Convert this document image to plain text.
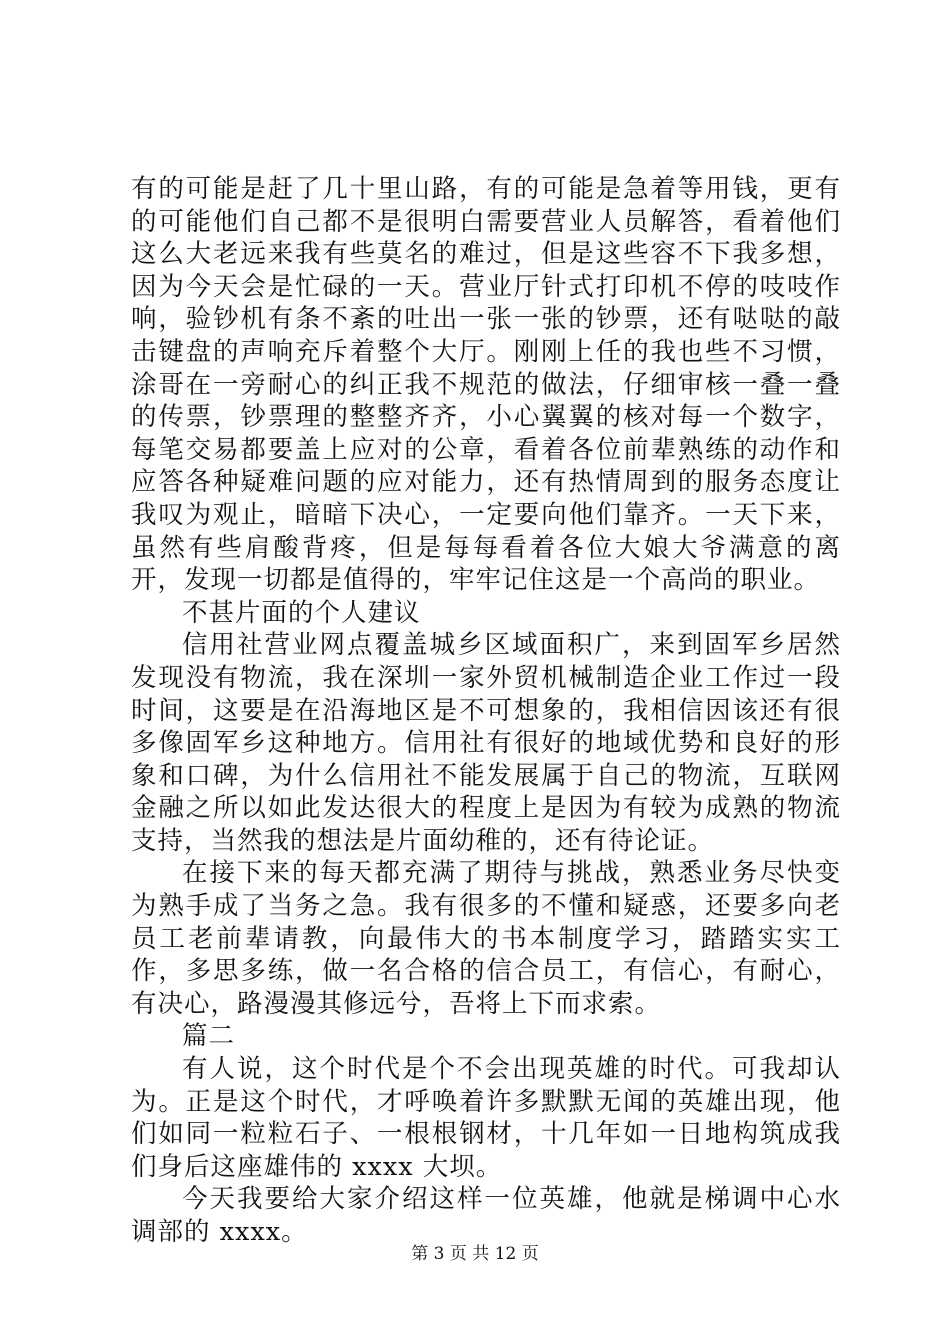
有的可能是赶了几十里山路，有的可能是急着等用钱，更有的可能他们自己都不是很明白需要营业人员解答，看着他们这么大老远来我有些莫名的难过，但是这些容不下我多想，因为今天会是忙碌的一天。营业厅针式打印机不停的吱吱作响，验钞机有条不紊的吐出一张一张的钞票，还有哒哒的敲击键盘的声响充斥着整个大厅。刚刚上任的我也些不习惯，涂哥在一旁耐心的纠正我不规范的做法，仔细审核一叠一叠的传票，钞票理的整整齐齐，小心翼翼的核对每一个数字，每笔交易都要盖上应对的公章，看着各位前辈熟练的动作和应答各种疑难问题的应对能力，还有热情周到的服务态度让我叹为观止，暗暗下决心，一定要向他们靠齐。一天下来，虽然有些肩酸背疼，但是每每看着各位大娘大爷满意的离开，发现一切都是值得的，牢牢记住这是一个高尚的职业。

不甚片面的个人建议

信用社营业网点覆盖城乡区域面积广，来到固军乡居然发现没有物流，我在深圳一家外贸机械制造企业工作过一段时间，这要是在沿海地区是不可想象的，我相信因该还有很多像固军乡这种地方。信用社有很好的地域优势和良好的形象和口碑，为什么信用社不能发展属于自己的物流，互联网金融之所以如此发达很大的程度上是因为有较为成熟的物流支持，当然我的想法是片面幼稚的，还有待论证。

在接下来的每天都充满了期待与挑战，熟悉业务尽快变为熟手成了当务之急。我有很多的不懂和疑惑，还要多向老员工老前辈请教，向最伟大的书本制度学习，踏踏实实工作，多思多练，做一名合格的信合员工，有信心，有耐心，有决心，路漫漫其修远兮，吾将上下而求索。

篇二

有人说，这个时代是个不会出现英雄的时代。可我却认为。正是这个时代，才呼唤着许多默默无闻的英雄出现，他们如同一粒粒石子、一根根钢材，十几年如一日地构筑成我们身后这座雄伟的 xxxx 大坝。

今天我要给大家介绍这样一位英雄，他就是梯调中心水调部的 xxxx。

第 3 页 共 12 页
